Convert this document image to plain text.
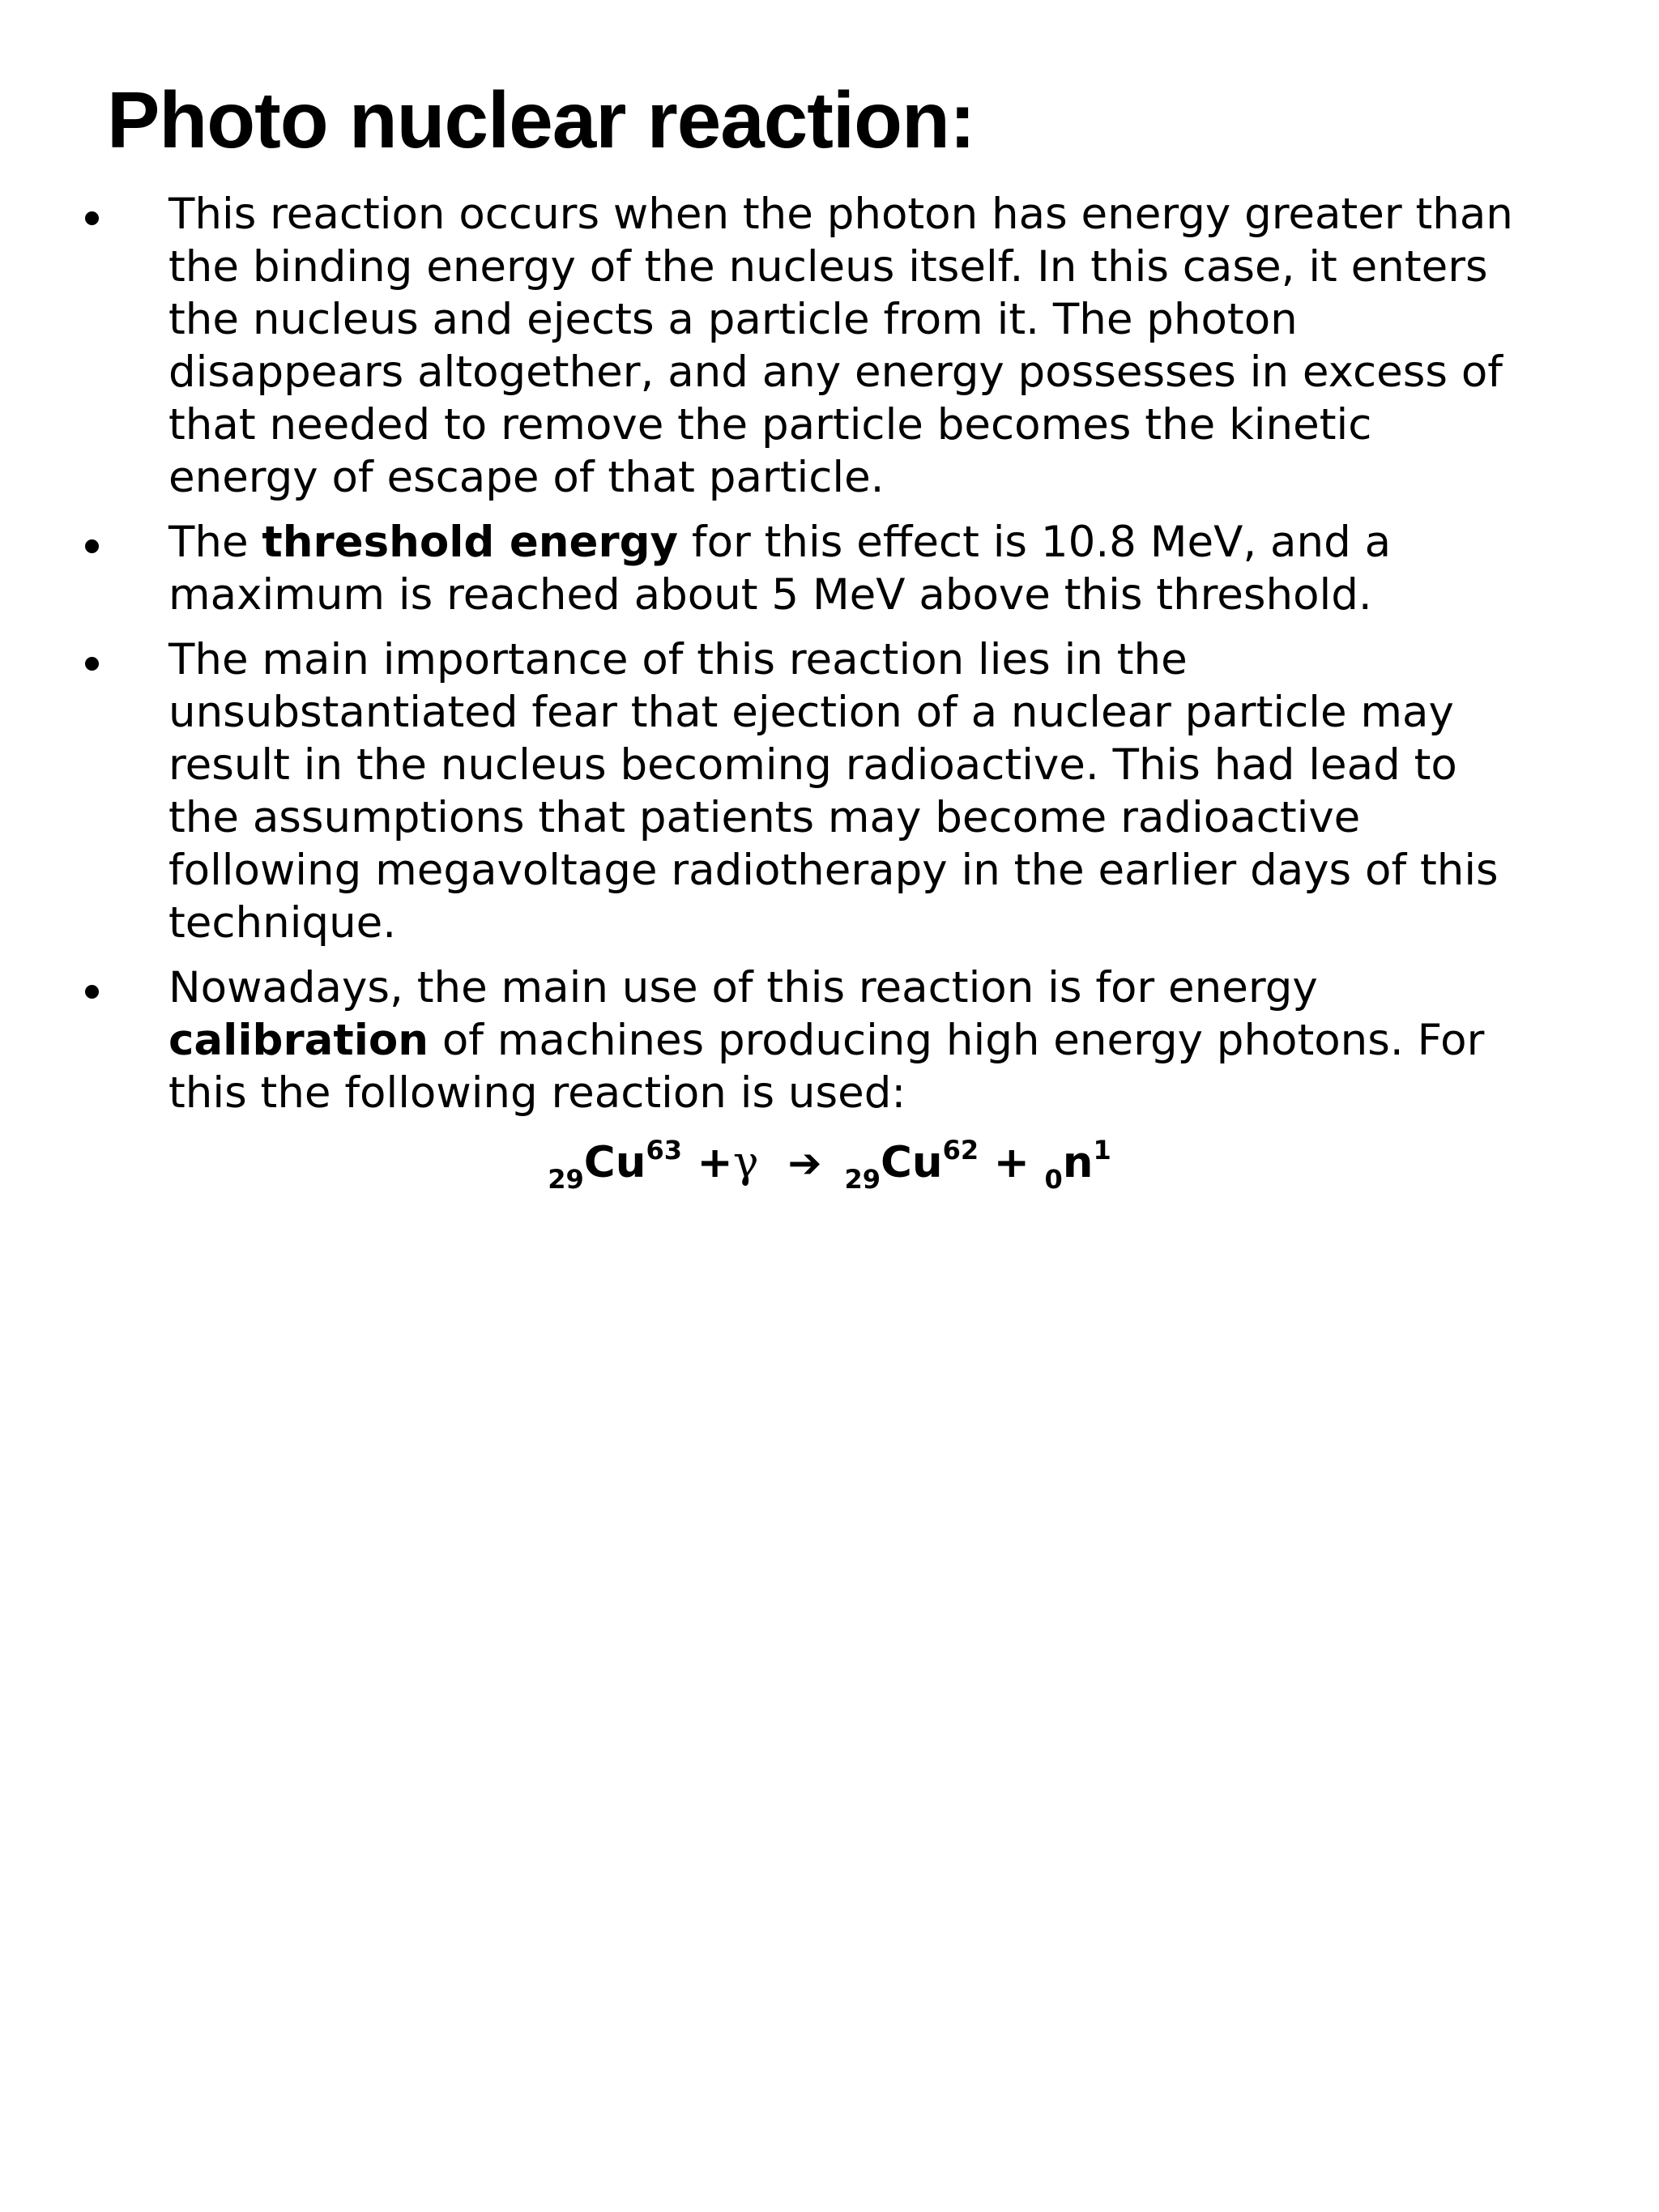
Photo nuclear reaction:
This reaction occurs when the photon has energy greater than
the binding energy of the nucleus itself. In this case, it enters
the nucleus and ejects a particle from it. The photon
disappears altogether, and any energy possesses in excess of
that needed to remove the particle becomes the kinetic
energy of escape of that particle.
The threshold energy for this effect is 10.8 MeV, and a
maximum is reached about 5 MeV above this threshold.
The main importance of this reaction lies in the
unsubstantiated fear that ejection of a nuclear particle may
result in the nucleus becoming radioactive. This had lead to
the assumptions that patients may become radioactive
following megavoltage radiotherapy in the earlier days of this
technique.
Nowadays, the main use of this reaction is for energy
calibration of machines producing high energy photons. For
this the following reaction is used:
$_{29}Cu^{63} +\gamma$ ➔ $_{29}Cu^{62} + _0n^1$
